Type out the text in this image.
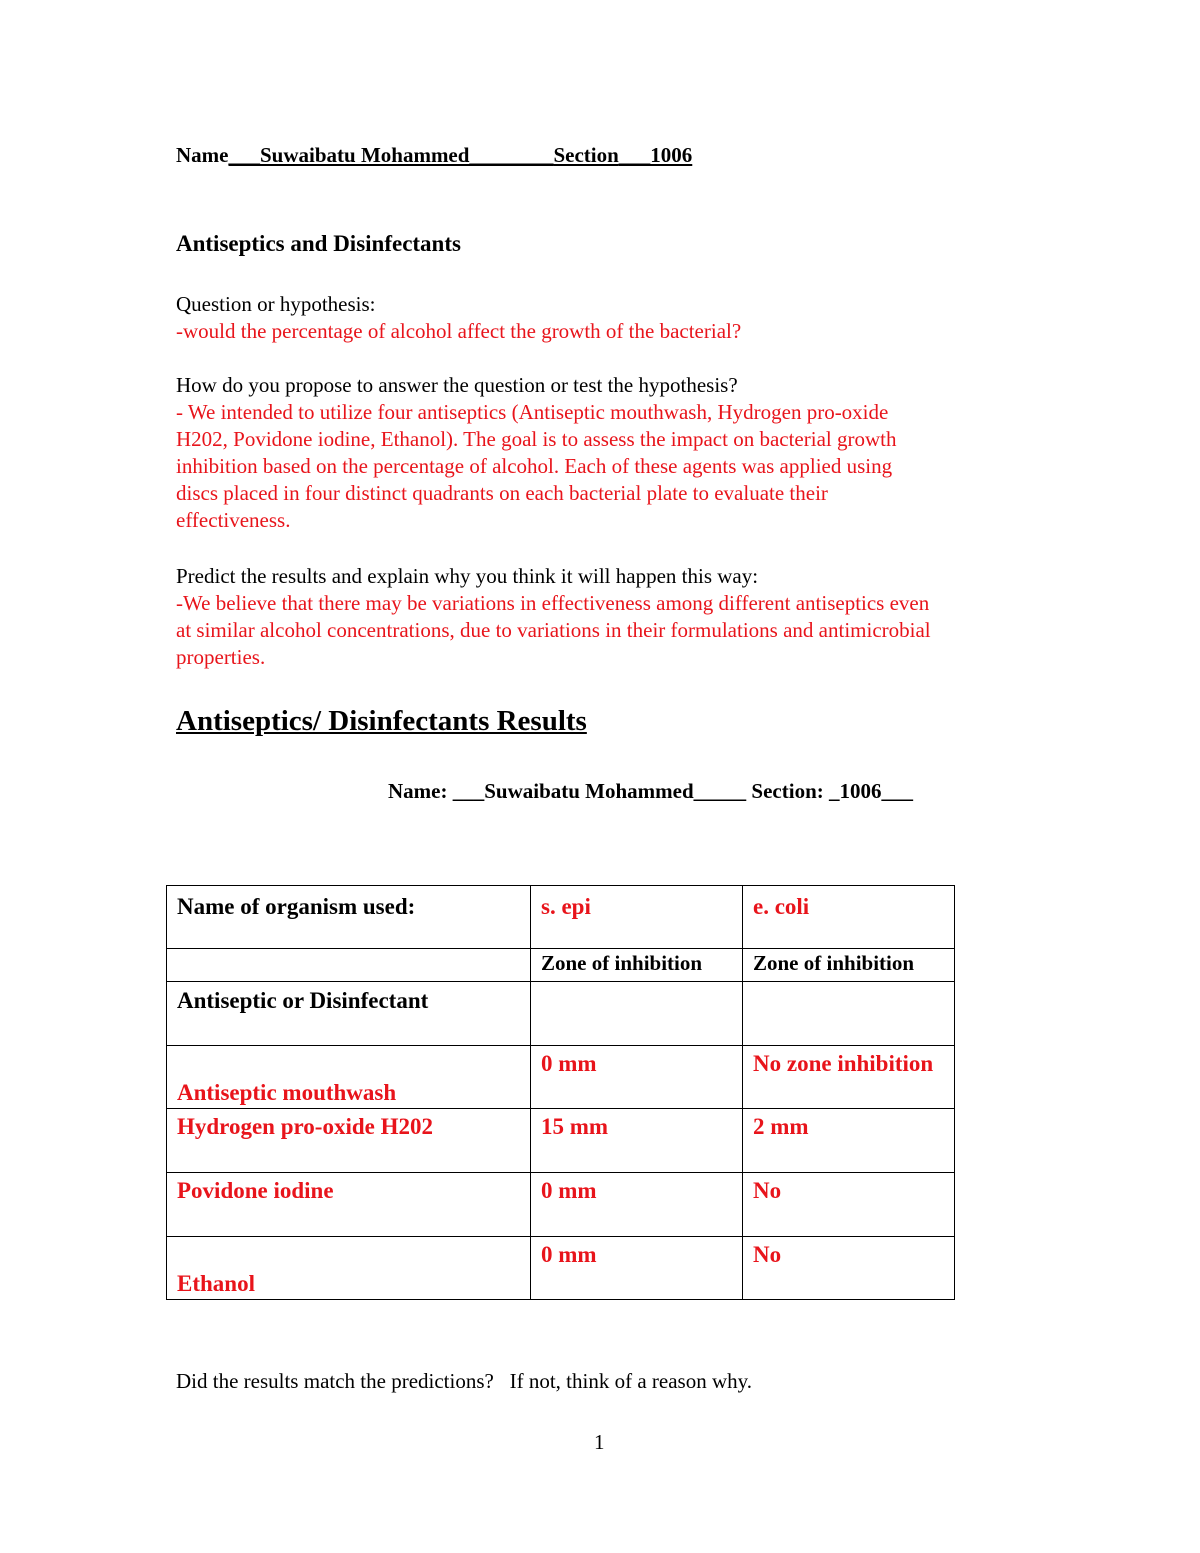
Name___Suwaibatu Mohammed________Section___1006
Antiseptics and Disinfectants
Question or hypothesis:
-would the percentage of alcohol affect the growth of the bacterial?
How do you propose to answer the question or test the hypothesis?
- We intended to utilize four antiseptics (Antiseptic mouthwash, Hydrogen pro-oxide
H202, Povidone iodine, Ethanol). The goal is to assess the impact on bacterial growth
inhibition based on the percentage of alcohol. Each of these agents was applied using
discs placed in four distinct quadrants on each bacterial plate to evaluate their
effectiveness.
Predict the results and explain why you think it will happen this way:
-We believe that there may be variations in effectiveness among different antiseptics even
at similar alcohol concentrations, due to variations in their formulations and antimicrobial
properties.
Antiseptics/ Disinfectants Results
Name: ___Suwaibatu Mohammed_____ Section: _1006___
Name of organism used:	s. epi	e. coli
	Zone of inhibition	Zone of inhibition
Antiseptic or Disinfectant		
Antiseptic mouthwash	0 mm	No zone inhibition
Hydrogen pro-oxide H202	15 mm	2 mm
Povidone iodine	0 mm	No
Ethanol	0 mm	No
Did the results match the predictions?   If not, think of a reason why.
1
